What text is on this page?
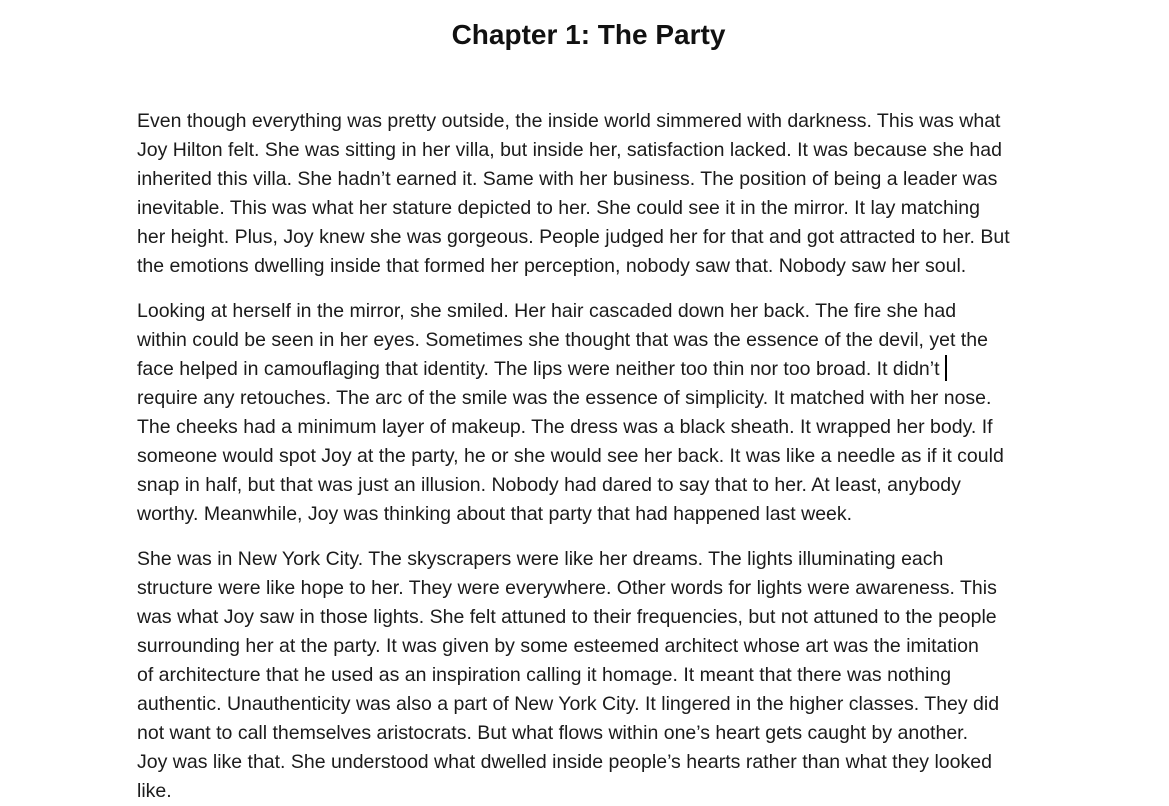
Chapter 1: The Party
Even though everything was pretty outside, the inside world simmered with darkness. This was what
Joy Hilton felt. She was sitting in her villa, but inside her, satisfaction lacked. It was because she had
inherited this villa. She hadn’t earned it. Same with her business. The position of being a leader was
inevitable. This was what her stature depicted to her. She could see it in the mirror. It lay matching
her height. Plus, Joy knew she was gorgeous. People judged her for that and got attracted to her. But
the emotions dwelling inside that formed her perception, nobody saw that. Nobody saw her soul.
Looking at herself in the mirror, she smiled. Her hair cascaded down her back. The fire she had
within could be seen in her eyes. Sometimes she thought that was the essence of the devil, yet the
face helped in camouflaging that identity. The lips were neither too thin nor too broad. It didn’t
require any retouches. The arc of the smile was the essence of simplicity. It matched with her nose.
The cheeks had a minimum layer of makeup. The dress was a black sheath. It wrapped her body. If
someone would spot Joy at the party, he or she would see her back. It was like a needle as if it could
snap in half, but that was just an illusion. Nobody had dared to say that to her. At least, anybody
worthy. Meanwhile, Joy was thinking about that party that had happened last week.
She was in New York City. The skyscrapers were like her dreams. The lights illuminating each
structure were like hope to her. They were everywhere. Other words for lights were awareness. This
was what Joy saw in those lights. She felt attuned to their frequencies, but not attuned to the people
surrounding her at the party. It was given by some esteemed architect whose art was the imitation
of architecture that he used as an inspiration calling it homage. It meant that there was nothing
authentic. Unauthenticity was also a part of New York City. It lingered in the higher classes. They did
not want to call themselves aristocrats. But what flows within one’s heart gets caught by another.
Joy was like that. She understood what dwelled inside people’s hearts rather than what they looked
like.
